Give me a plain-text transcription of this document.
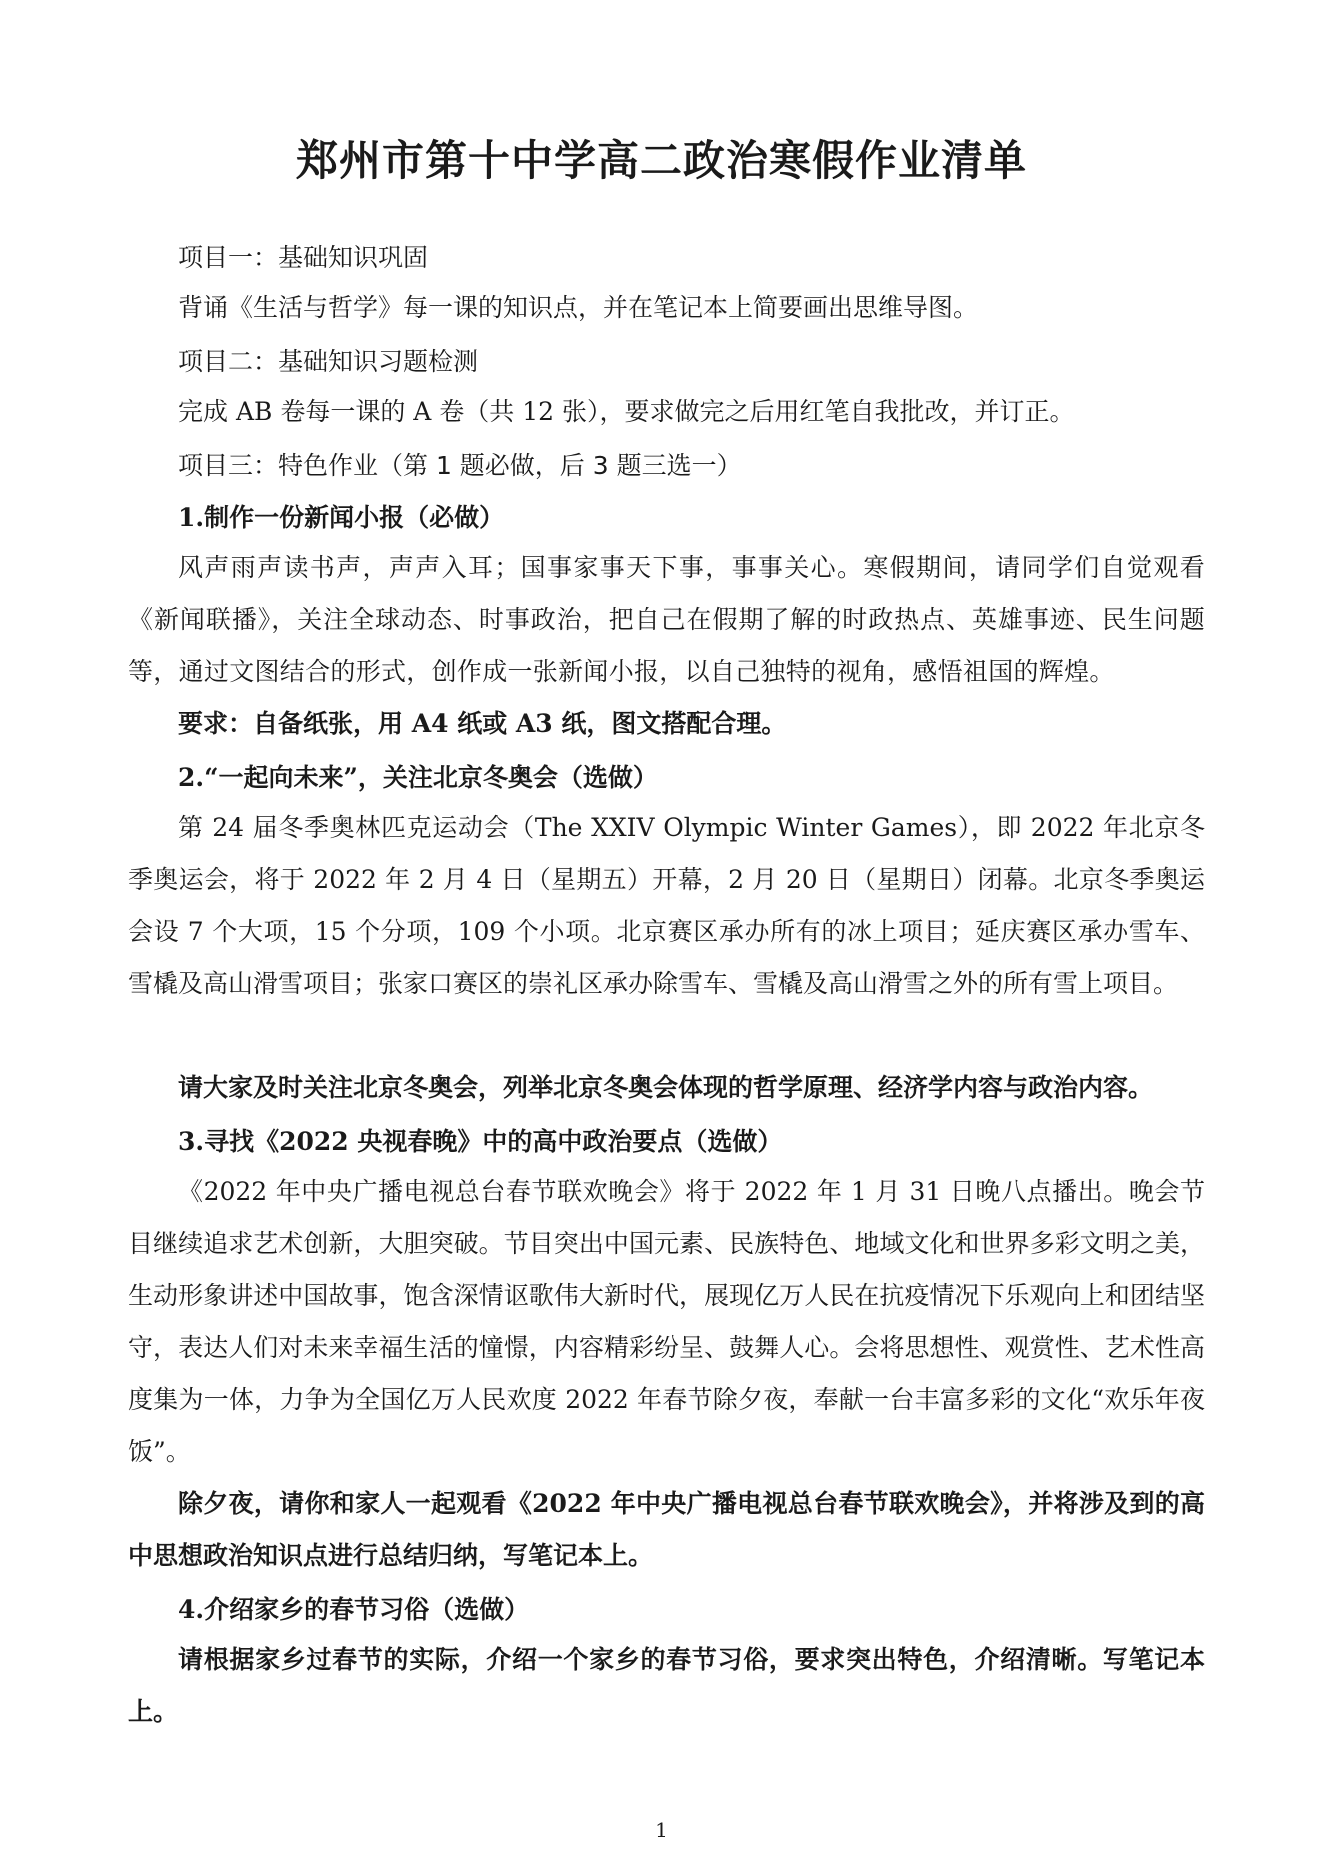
郑州市第十中学高二政治寒假作业清单
项目一：基础知识巩固
背诵《生活与哲学》每一课的知识点，并在笔记本上简要画出思维导图。
项目二：基础知识习题检测
完成 AB 卷每一课的 A 卷（共 12 张），要求做完之后用红笔自我批改，并订正。
项目三：特色作业（第 1 题必做，后 3 题三选一）
1.制作一份新闻小报（必做）
风声雨声读书声，声声入耳；国事家事天下事，事事关心。寒假期间，请同学们自觉观看《新闻联播》，关注全球动态、时事政治，把自己在假期了解的时政热点、英雄事迹、民生问题等，通过文图结合的形式，创作成一张新闻小报，以自己独特的视角，感悟祖国的辉煌。
要求：自备纸张，用 A4 纸或 A3 纸，图文搭配合理。
2.“一起向未来”，关注北京冬奥会（选做）
第 24 届冬季奥林匹克运动会（The XXIV Olympic Winter Games），即 2022 年北京冬季奥运会，将于 2022 年 2 月 4 日（星期五）开幕，2 月 20 日（星期日）闭幕。北京冬季奥运会设 7 个大项，15 个分项，109 个小项。北京赛区承办所有的冰上项目；延庆赛区承办雪车、雪橇及高山滑雪项目；张家口赛区的崇礼区承办除雪车、雪橇及高山滑雪之外的所有雪上项目。
请大家及时关注北京冬奥会，列举北京冬奥会体现的哲学原理、经济学内容与政治内容。
3.寻找《2022 央视春晚》中的高中政治要点（选做）
《2022 年中央广播电视总台春节联欢晚会》将于 2022 年 1 月 31 日晚八点播出。晚会节目继续追求艺术创新，大胆突破。节目突出中国元素、民族特色、地域文化和世界多彩文明之美，生动形象讲述中国故事，饱含深情讴歌伟大新时代，展现亿万人民在抗疫情况下乐观向上和团结坚守，表达人们对未来幸福生活的憧憬，内容精彩纷呈、鼓舞人心。会将思想性、观赏性、艺术性高度集为一体，力争为全国亿万人民欢度 2022 年春节除夕夜，奉献一台丰富多彩的文化“欢乐年夜饭”。
除夕夜，请你和家人一起观看《2022 年中央广播电视总台春节联欢晚会》，并将涉及到的高中思想政治知识点进行总结归纳，写笔记本上。
4.介绍家乡的春节习俗（选做）
请根据家乡过春节的实际，介绍一个家乡的春节习俗，要求突出特色，介绍清晰。写笔记本上。
1
